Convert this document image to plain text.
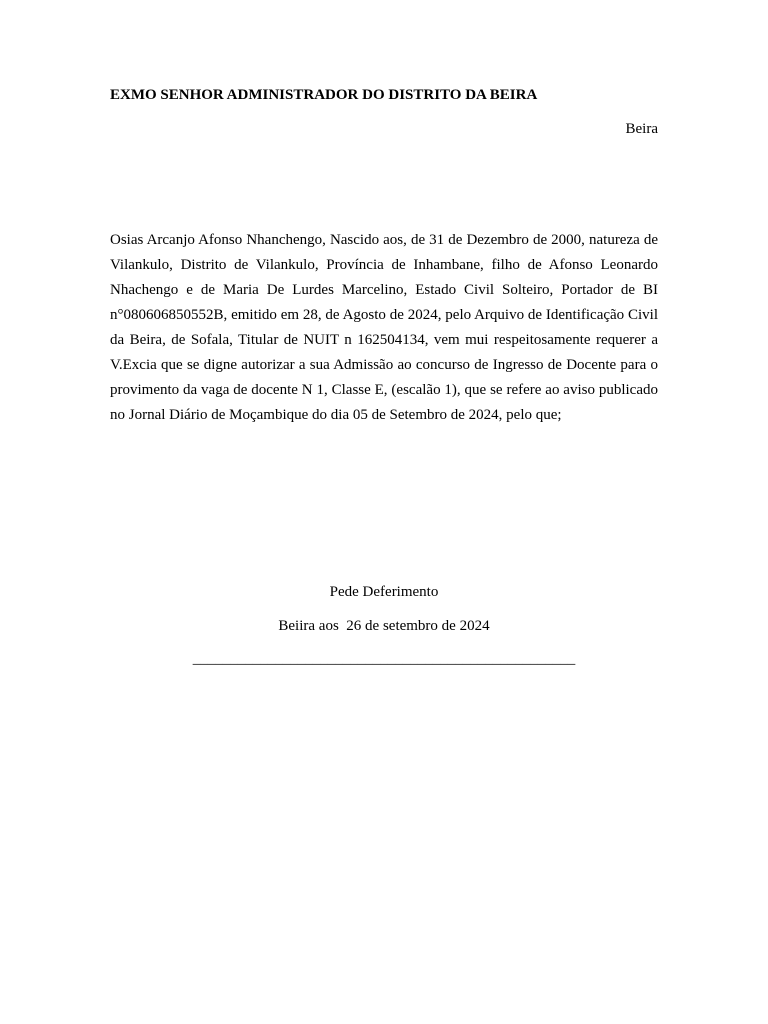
EXMO SENHOR ADMINISTRADOR DO DISTRITO DA BEIRA
Beira
Osias Arcanjo Afonso Nhanchengo, Nascido aos, de 31 de Dezembro de 2000, natureza de Vilankulo, Distrito de Vilankulo, Província de Inhambane, filho de Afonso Leonardo Nhachengo e de Maria De Lurdes Marcelino, Estado Civil Solteiro, Portador de BI n°080606850552B, emitido em 28, de Agosto de 2024, pelo Arquivo de Identificação Civil da Beira, de Sofala, Titular de NUIT n 162504134, vem mui respeitosamente requerer a V.Excia que se digne autorizar a sua Admissão ao concurso de Ingresso de Docente para o provimento da vaga de docente N 1, Classe E, (escalão 1), que se refere ao aviso publicado no Jornal Diário de Moçambique do dia 05 de Setembro de 2024, pelo que;
Pede Deferimento
Beiira aos  26 de setembro de 2024
___________________________________________________
